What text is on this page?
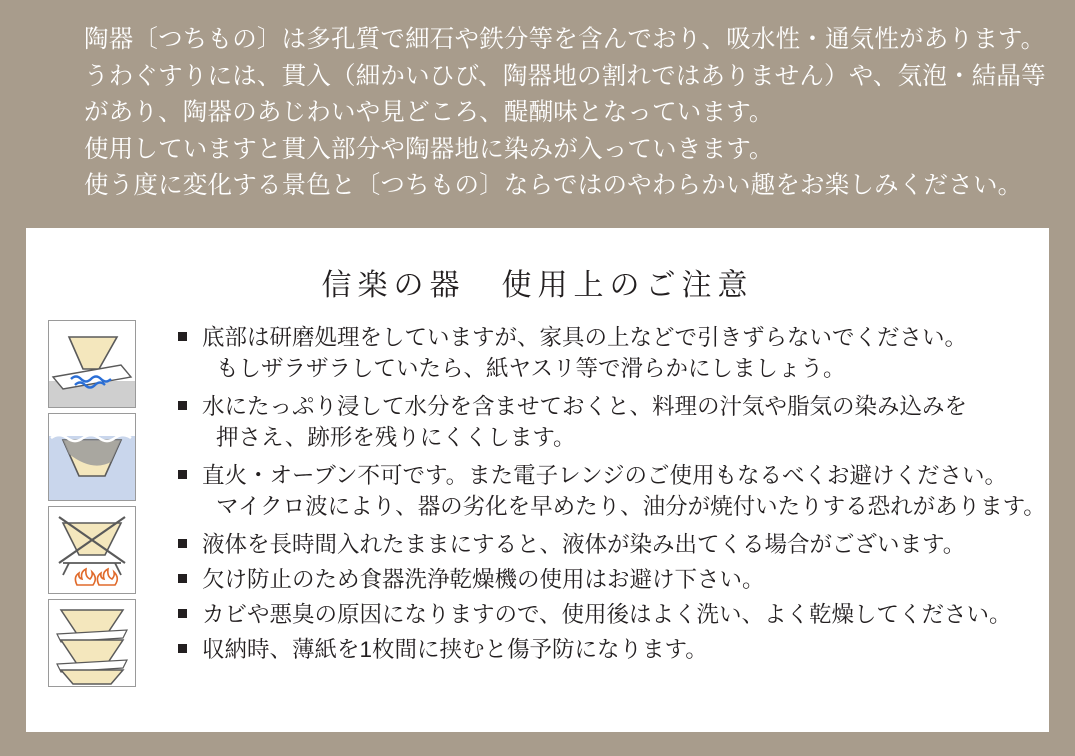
陶器〔つちもの〕は多孔質で細石や鉄分等を含んでおり、吸水性・通気性があります。
うわぐすりには、貫入（細かいひび、陶器地の割れではありません）や、気泡・結晶等
があり、陶器のあじわいや見どころ、醍醐味となっています。
使用していますと貫入部分や陶器地に染みが入っていきます。
使う度に変化する景色と〔つちもの〕ならではのやわらかい趣をお楽しみください。
信楽の器　使用上のご注意
底部は研磨処理をしていますが、家具の上などで引きずらないでください。
もしザラザラしていたら、紙ヤスリ等で滑らかにしましょう。
水にたっぷり浸して水分を含ませておくと、料理の汁気や脂気の染み込みを
押さえ、跡形を残りにくくします。
直火・オーブン不可です。また電子レンジのご使用もなるべくお避けください。
マイクロ波により、器の劣化を早めたり、油分が焼付いたりする恐れがあります。
液体を長時間入れたままにすると、液体が染み出てくる場合がございます。
欠け防止のため食器洗浄乾燥機の使用はお避け下さい。
カビや悪臭の原因になりますので、使用後はよく洗い、よく乾燥してください。
収納時、薄紙を1枚間に挟むと傷予防になります。
